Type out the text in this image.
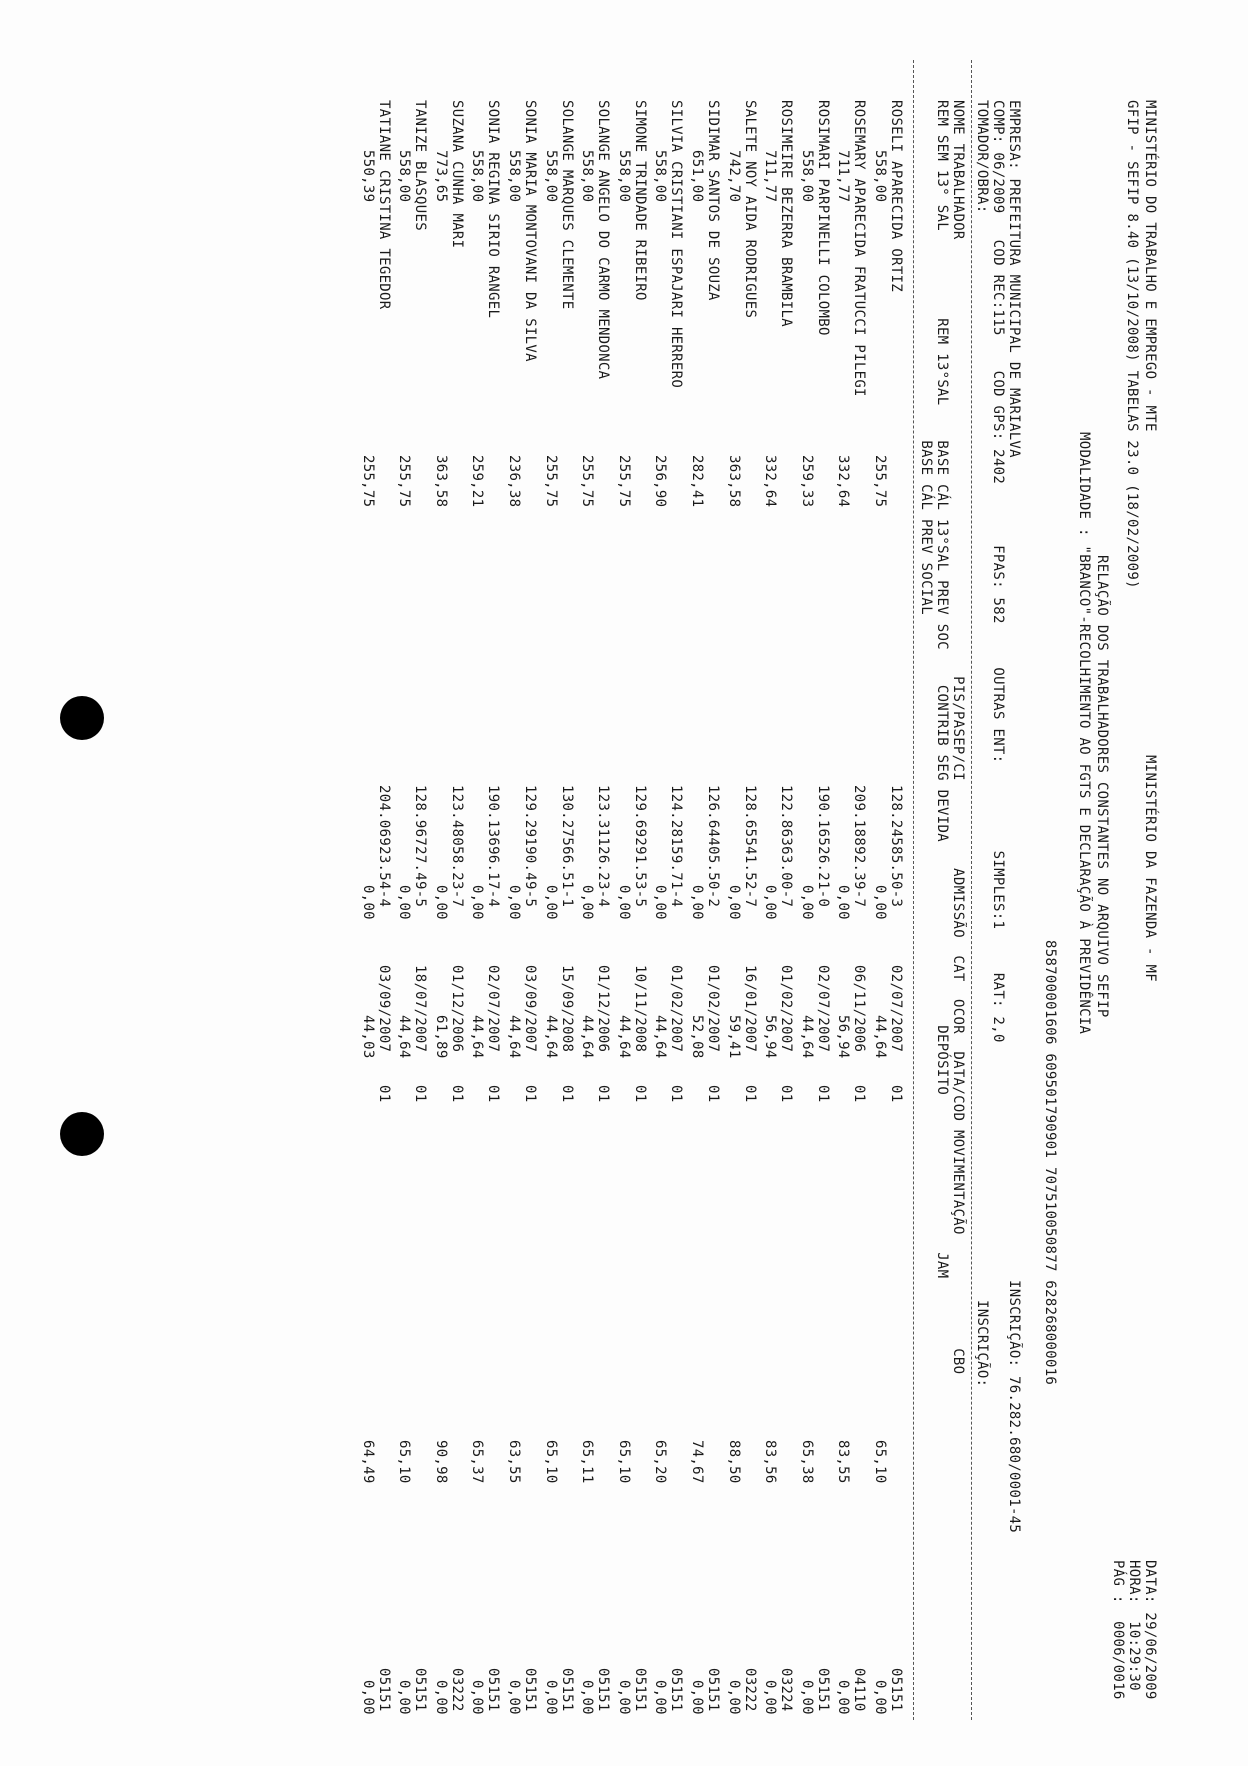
MINISTÉRIO DO TRABALHO E EMPREGO - MTE
GFIP - SEFIP 8.40 (13/10/2008) TABELAS 23.0 (18/02/2009)
MINISTÉRIO DA FAZENDA - MF
DATA: 29/06/2009
HORA:  10:29:30
PÁG :  0006/0016
RELAÇÃO DOS TRABALHADORES CONSTANTES NO ARQUIVO SEFIP
MODALIDADE : "BRANCO"-RECOLHIMENTO AO FGTS E DECLARAÇÃO À PREVIDÊNCIA
858700001606 609501790901 707510050877 628268000016
EMPRESA: PREFEITURA MUNICIPAL DE MARIALVA
INSCRIÇÃO: 76.282.680/0001-45
COMP: 06/2009   COD REC:115    COD GPS: 2402       FPAS: 582     OUTRAS ENT:          SIMPLES:1     RAT: 2,0
TOMADOR/OBRA:
INSCRIÇÃO:
NOME TRABALHADOR                                                  PIS/PASEP/CI          ADMISSÃO  CAT  OCOR  DATA/COD MOVIMENTAÇÃO             CBO
REM SEM 13° SAL          REM 13°SAL    BASE CÁL 13°SAL PREV SOC    CONTRIB SEG DEVIDA                     DEPÓSITO                  JAM
BASE CÁL PREV SOCIAL
ROSELI APARECIDA ORTIZ
128.24585.50-3
02/07/2007
01
05151
558,00
255,75
0,00
44,64
65,10
0,00
ROSEMARY APARECIDA FRATUCCI PILEGI
209.18892.39-7
06/11/2006
01
04110
711,77
332,64
0,00
56,94
83,55
0,00
ROSIMARI PARPINELLI COLOMBO
190.16526.21-0
02/07/2007
01
05151
558,00
259,33
0,00
44,64
65,38
0,00
ROSIMEIRE BEZERRA BRAMBILA
122.86363.00-7
01/02/2007
01
03224
711,77
332,64
0,00
56,94
83,56
0,00
SALETE NOY AIDA RODRIGUES
128.65541.52-7
16/01/2007
01
03222
742,70
363,58
0,00
59,41
88,50
0,00
SIDIMAR SANTOS DE SOUZA
126.64405.50-2
01/02/2007
01
05151
651,00
282,41
0,00
52,08
74,67
0,00
SILVIA CRISTIANI ESPAJARI HERRERO
124.28159.71-4
01/02/2007
01
05151
558,00
256,90
0,00
44,64
65,20
0,00
SIMONE TRINDADE RIBEIRO
129.69291.53-5
10/11/2008
01
05151
558,00
255,75
0,00
44,64
65,10
0,00
SOLANGE ANGELO DO CARMO MENDONCA
123.31126.23-4
01/12/2006
01
05151
558,00
255,75
0,00
44,64
65,11
0,00
SOLANGE MARQUES CLEMENTE
130.27566.51-1
15/09/2008
01
05151
558,00
255,75
0,00
44,64
65,10
0,00
SONIA MARIA MONTOVANI DA SILVA
129.29190.49-5
03/09/2007
01
05151
558,00
236,38
0,00
44,64
63,55
0,00
SONIA REGINA SIRIO RANGEL
190.13696.17-4
02/07/2007
01
05151
558,00
259,21
0,00
44,64
65,37
0,00
SUZANA CUNHA MARI
123.48058.23-7
01/12/2006
01
03222
773,65
363,58
0,00
61,89
90,98
0,00
TANIZE BLASQUES
128.96727.49-5
18/07/2007
01
05151
558,00
255,75
0,00
44,64
65,10
0,00
TATIANE CRISTINA TEGEDOR
204.06923.54-4
03/09/2007
01
05151
550,39
255,75
0,00
44,03
64,49
0,00
